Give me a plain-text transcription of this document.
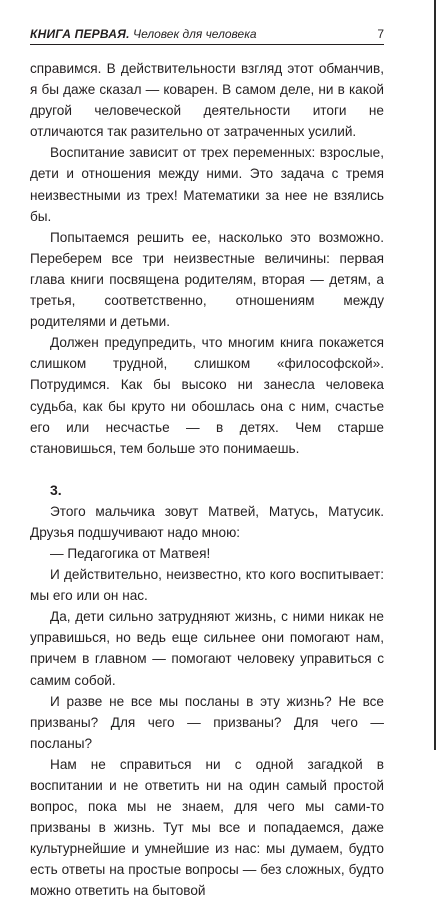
КНИГА ПЕРВАЯ. Человек для человека	7

справимся. В действительности взгляд этот обманчив, я бы даже сказал — коварен. В самом деле, ни в какой другой человеческой деятельности итоги не отличаются так разительно от затраченных усилий.

Воспитание зависит от трех переменных: взрослые, дети и отношения между ними. Это задача с тремя неизвестными из трех! Математики за нее не взялись бы.

Попытаемся решить ее, насколько это возможно. Переберем все три неизвестные величины: первая глава книги посвящена родителям, вторая — детям, а третья, соответственно, отношениям между родителями и детьми.

Должен предупредить, что многим книга покажется слишком трудной, слишком «философской». Потрудимся. Как бы высоко ни занесла человека судьба, как бы круто ни обошлась она с ним, счастье его или несчастье — в детях. Чем старше становишься, тем больше это понимаешь.

3.

Этого мальчика зовут Матвей, Матусь, Матусик. Друзья подшучивают надо мною:

— Педагогика от Матвея!

И действительно, неизвестно, кто кого воспитывает: мы его или он нас.

Да, дети сильно затрудняют жизнь, с ними никак не управишься, но ведь еще сильнее они помогают нам, причем в главном — помогают человеку управиться с самим собой.

И разве не все мы посланы в эту жизнь? Не все призваны? Для чего — призваны? Для чего — посланы?

Нам не справиться ни с одной загадкой в воспитании и не ответить ни на один самый простой вопрос, пока мы не знаем, для чего мы сами-то призваны в жизнь. Тут мы все и попадаемся, даже культурнейшие и умнейшие из нас: мы думаем, будто есть ответы на простые вопросы — без сложных, будто можно ответить на бытовой
